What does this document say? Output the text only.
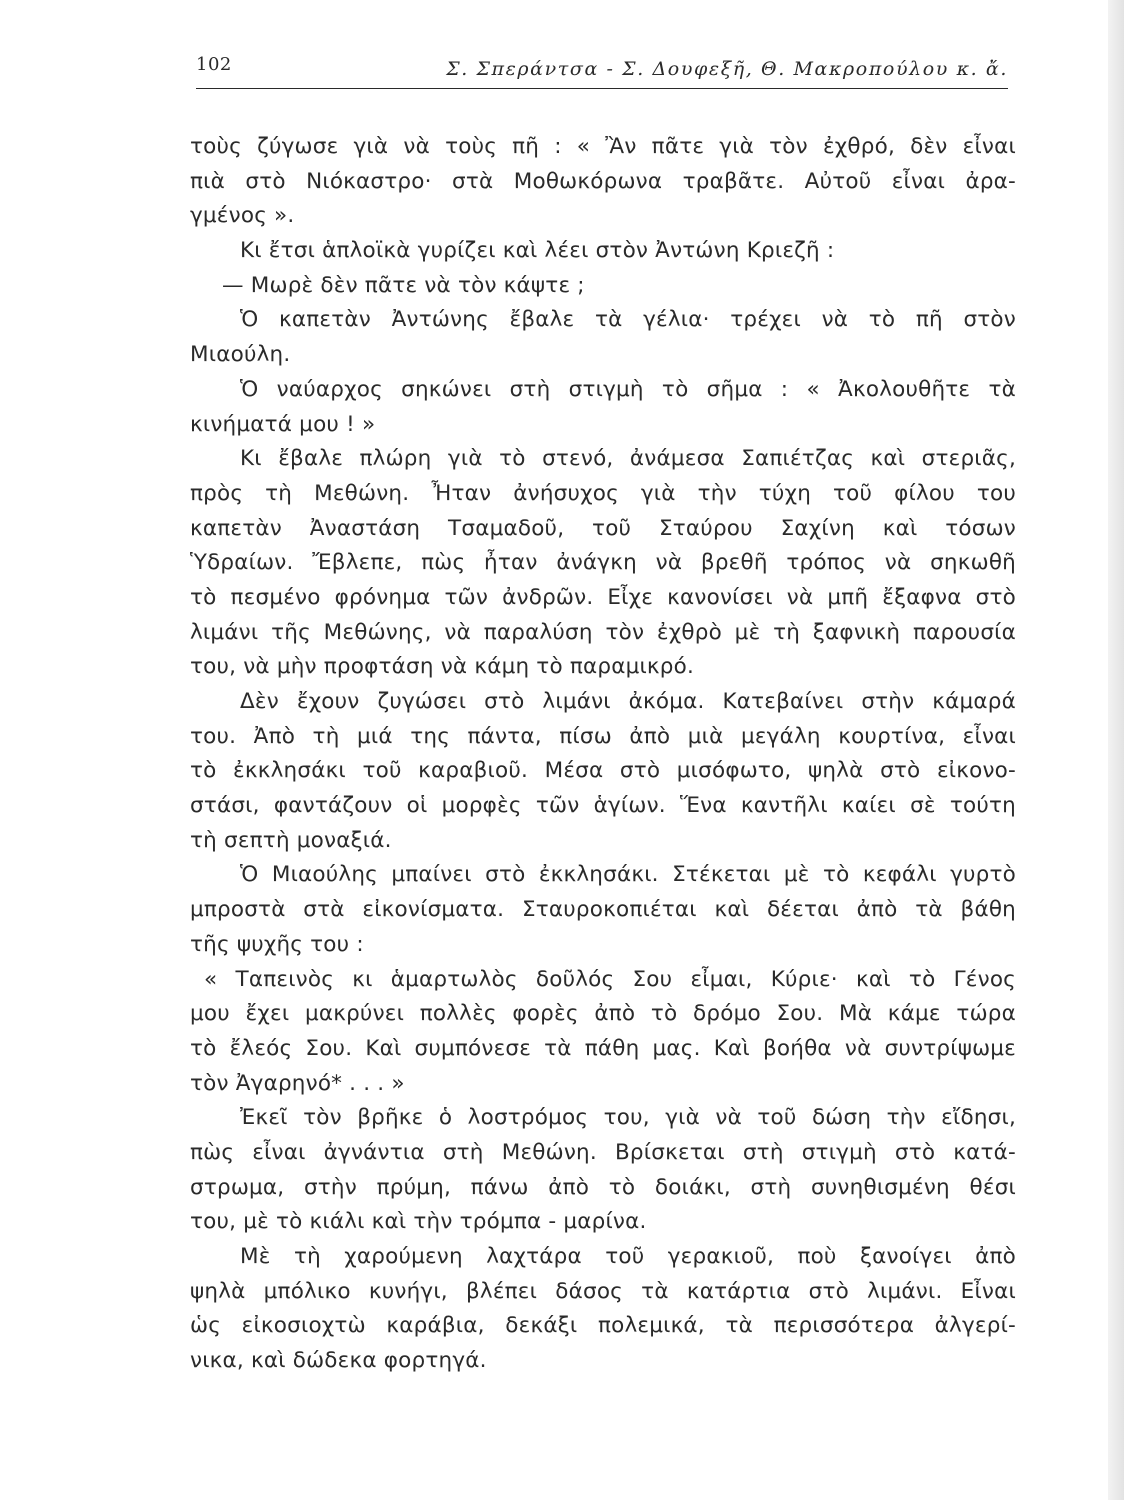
102	Σ. Σπεράντσα - Σ. Δουφεξῆ, Θ. Μακροπούλου κ. ἄ.
τοὺς ζύγωσε γιὰ νὰ τοὺς πῆ : « Ἂν πᾶτε γιὰ τὸν ἐχθρό, δὲν εἶναι
πιὰ στὸ Νιόκαστρο· στὰ Μοθωκόρωνα τραβᾶτε. Αὐτοῦ εἶναι ἀρα-
γμένος ».
Κι ἔτσι ἁπλοϊκὰ γυρίζει καὶ λέει στὸν Ἀντώνη Κριεζῆ :
— Μωρὲ δὲν πᾶτε νὰ τὸν κάψτε ;
Ὁ καπετὰν Ἀντώνης ἔβαλε τὰ γέλια· τρέχει νὰ τὸ πῆ στὸν
Μιαούλη.
Ὁ ναύαρχος σηκώνει στὴ στιγμὴ τὸ σῆμα : « Ἀκολουθῆτε τὰ
κινήματά μου ! »
Κι ἔβαλε πλώρη γιὰ τὸ στενό, ἀνάμεσα Σαπιέτζας καὶ στεριᾶς,
πρὸς τὴ Μεθώνη. Ἦταν ἀνήσυχος γιὰ τὴν τύχη τοῦ φίλου του
καπετὰν Ἀναστάση Τσαμαδοῦ, τοῦ Σταύρου Σαχίνη καὶ τόσων
Ὑδραίων. Ἔβλεπε, πὼς ἦταν ἀνάγκη νὰ βρεθῆ τρόπος νὰ σηκωθῆ
τὸ πεσμένο φρόνημα τῶν ἀνδρῶν. Εἶχε κανονίσει νὰ μπῆ ἔξαφνα στὸ
λιμάνι τῆς Μεθώνης, νὰ παραλύση τὸν ἐχθρὸ μὲ τὴ ξαφνικὴ παρουσία
του, νὰ μὴν προφτάση νὰ κάμη τὸ παραμικρό.
Δὲν ἔχουν ζυγώσει στὸ λιμάνι ἀκόμα. Κατεβαίνει στὴν κάμαρά
του. Ἀπὸ τὴ μιά της πάντα, πίσω ἀπὸ μιὰ μεγάλη κουρτίνα, εἶναι
τὸ ἐκκλησάκι τοῦ καραβιοῦ. Μέσα στὸ μισόφωτο, ψηλὰ στὸ εἰκονο-
στάσι, φαντάζουν οἱ μορφὲς τῶν ἁγίων. Ἕνα καντῆλι καίει σὲ τούτη
τὴ σεπτὴ μοναξιά.
Ὁ Μιαούλης μπαίνει στὸ ἐκκλησάκι. Στέκεται μὲ τὸ κεφάλι γυρτὸ
μπροστὰ στὰ εἰκονίσματα. Σταυροκοπιέται καὶ δέεται ἀπὸ τὰ βάθη
τῆς ψυχῆς του :
« Ταπεινὸς κι ἁμαρτωλὸς δοῦλός Σου εἶμαι, Κύριε· καὶ τὸ Γένος
μου ἔχει μακρύνει πολλὲς φορὲς ἀπὸ τὸ δρόμο Σου. Μὰ κάμε τώρα
τὸ ἔλεός Σου. Καὶ συμπόνεσε τὰ πάθη μας. Καὶ βοήθα νὰ συντρίψωμε
τὸν Ἀγαρηνό* . . . »
Ἐκεῖ τὸν βρῆκε ὁ λοστρόμος του, γιὰ νὰ τοῦ δώση τὴν εἴδησι,
πὼς εἶναι ἀγνάντια στὴ Μεθώνη. Βρίσκεται στὴ στιγμὴ στὸ κατά-
στρωμα, στὴν πρύμη, πάνω ἀπὸ τὸ δοιάκι, στὴ συνηθισμένη θέσι
του, μὲ τὸ κιάλι καὶ τὴν τρόμπα - μαρίνα.
Μὲ τὴ χαρούμενη λαχτάρα τοῦ γερακιοῦ, ποὺ ξανοίγει ἀπὸ
ψηλὰ μπόλικο κυνήγι, βλέπει δάσος τὰ κατάρτια στὸ λιμάνι. Εἶναι
ὡς εἰκοσιοχτὼ καράβια, δεκάξι πολεμικά, τὰ περισσότερα ἀλγερί-
νικα, καὶ δώδεκα φορτηγά.
